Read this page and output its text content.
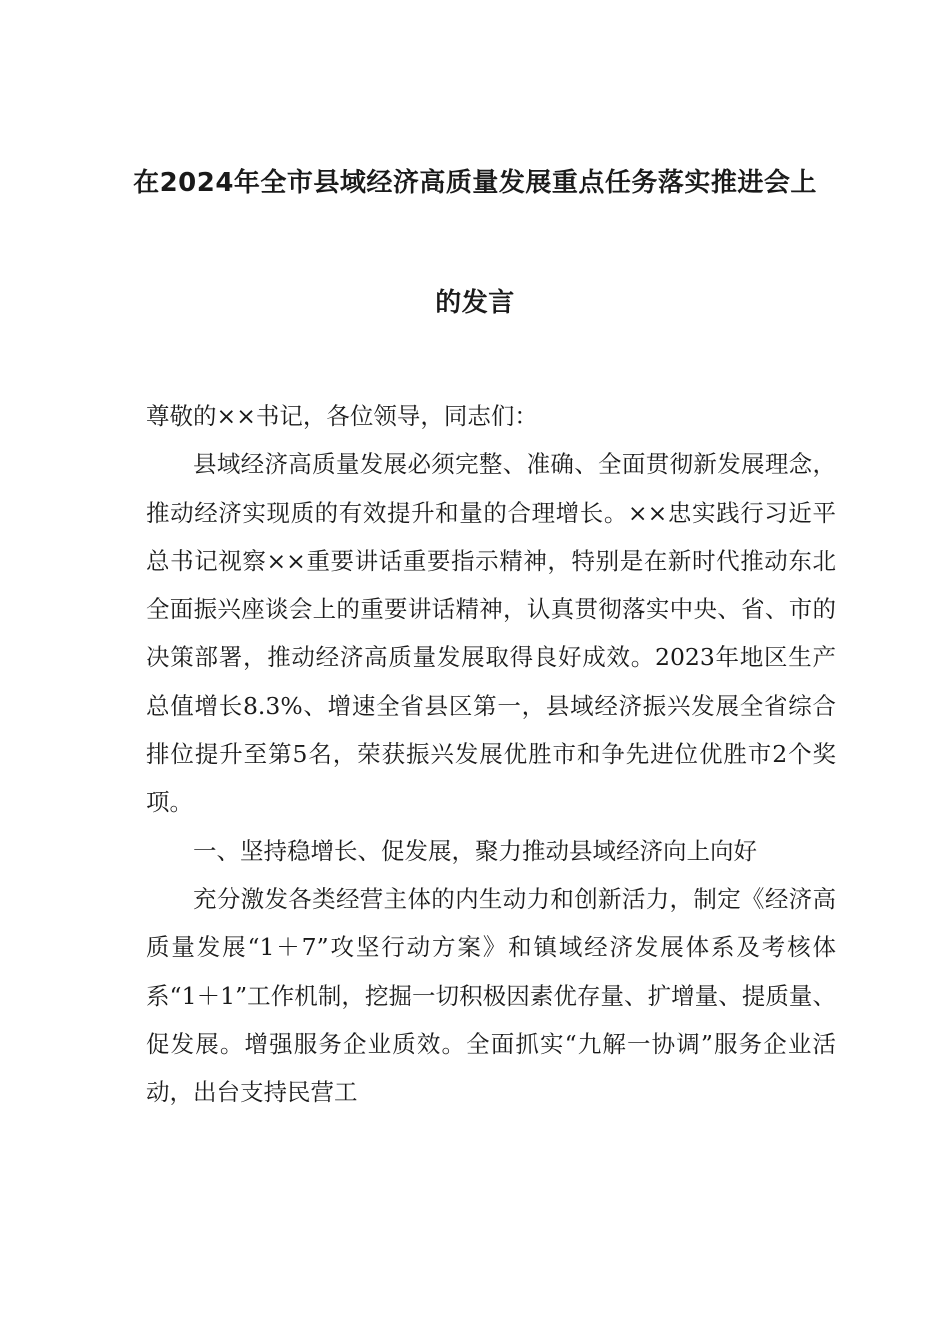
在2024年全市县域经济高质量发展重点任务落实推进会上
的发言

尊敬的××书记，各位领导，同志们：

县域经济高质量发展必须完整、准确、全面贯彻新发展理念，推动经济实现质的有效提升和量的合理增长。××忠实践行习近平总书记视察××重要讲话重要指示精神，特别是在新时代推动东北全面振兴座谈会上的重要讲话精神，认真贯彻落实中央、省、市的决策部署，推动经济高质量发展取得良好成效。2023年地区生产总值增长8.3%、增速全省县区第一，县域经济振兴发展全省综合排位提升至第5名，荣获振兴发展优胜市和争先进位优胜市2个奖项。

一、坚持稳增长、促发展，聚力推动县域经济向上向好

充分激发各类经营主体的内生动力和创新活力，制定《经济高质量发展“1＋7”攻坚行动方案》和镇域经济发展体系及考核体系“1＋1”工作机制，挖掘一切积极因素优存量、扩增量、提质量、促发展。增强服务企业质效。全面抓实“九解一协调”服务企业活动，出台支持民营工
